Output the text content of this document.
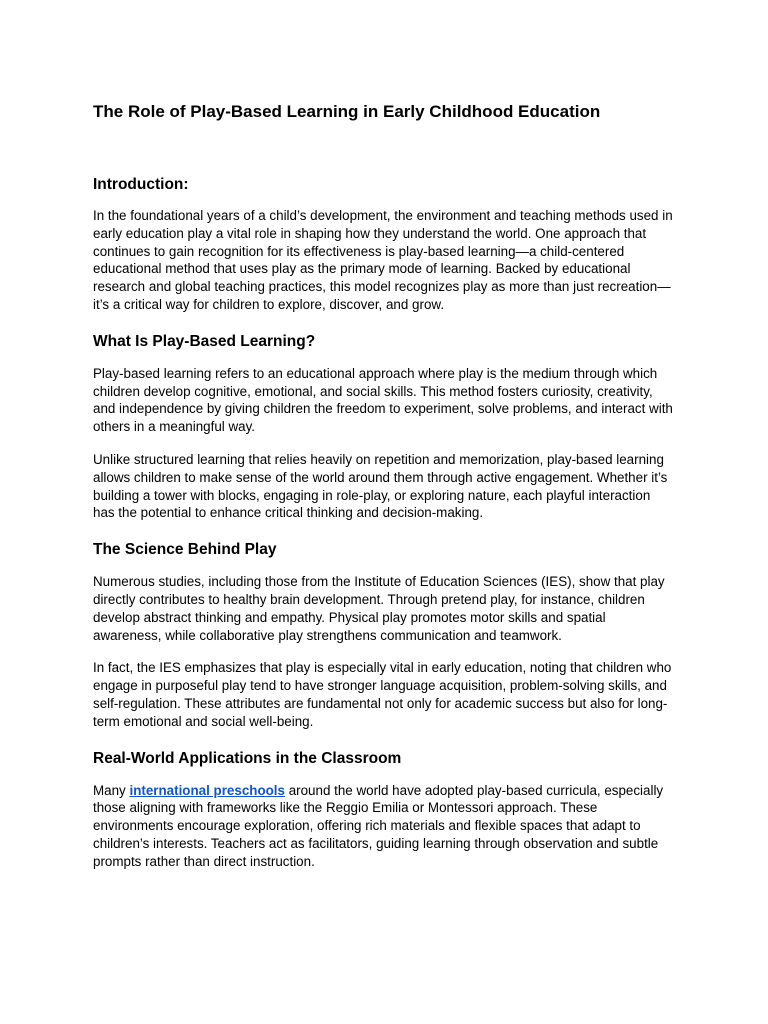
The Role of Play-Based Learning in Early Childhood Education
Introduction:

In the foundational years of a child’s development, the environment and teaching methods used in early education play a vital role in shaping how they understand the world. One approach that continues to gain recognition for its effectiveness is play-based learning—a child-centered educational method that uses play as the primary mode of learning. Backed by educational research and global teaching practices, this model recognizes play as more than just recreation—it’s a critical way for children to explore, discover, and grow.

What Is Play-Based Learning?

Play-based learning refers to an educational approach where play is the medium through which children develop cognitive, emotional, and social skills. This method fosters curiosity, creativity, and independence by giving children the freedom to experiment, solve problems, and interact with others in a meaningful way.

Unlike structured learning that relies heavily on repetition and memorization, play-based learning allows children to make sense of the world around them through active engagement. Whether it’s building a tower with blocks, engaging in role-play, or exploring nature, each playful interaction has the potential to enhance critical thinking and decision-making.

The Science Behind Play

Numerous studies, including those from the Institute of Education Sciences (IES), show that play directly contributes to healthy brain development. Through pretend play, for instance, children develop abstract thinking and empathy. Physical play promotes motor skills and spatial awareness, while collaborative play strengthens communication and teamwork.

In fact, the IES emphasizes that play is especially vital in early education, noting that children who engage in purposeful play tend to have stronger language acquisition, problem-solving skills, and self-regulation. These attributes are fundamental not only for academic success but also for long-term emotional and social well-being.

Real-World Applications in the Classroom

Many international preschools around the world have adopted play-based curricula, especially those aligning with frameworks like the Reggio Emilia or Montessori approach. These environments encourage exploration, offering rich materials and flexible spaces that adapt to children’s interests. Teachers act as facilitators, guiding learning through observation and subtle prompts rather than direct instruction.
